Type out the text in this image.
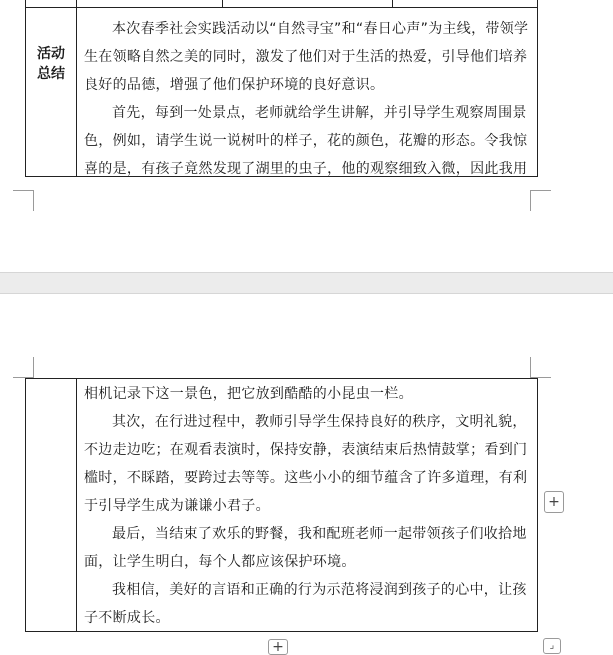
活动
总结

本次春季社会实践活动以“自然寻宝”和“春日心声”为主线，带领学生在领略自然之美的同时，激发了他们对于生活的热爱，引导他们培养良好的品德，增强了他们保护环境的良好意识。

首先，每到一处景点，老师就给学生讲解，并引导学生观察周围景色，例如，请学生说一说树叶的样子，花的颜色，花瓣的形态。令我惊喜的是，有孩子竟然发现了湖里的虫子，他的观察细致入微，因此我用

相机记录下这一景色，把它放到酷酷的小昆虫一栏。

其次，在行进过程中，教师引导学生保持良好的秩序，文明礼貌，不边走边吃；在观看表演时，保持安静，表演结束后热情鼓掌；看到门槛时，不睬踏，要跨过去等等。这些小小的细节蕴含了许多道理，有利于引导学生成为谦谦小君子。

最后，当结束了欢乐的野餐，我和配班老师一起带领孩子们收拾地面，让学生明白，每个人都应该保护环境。

我相信，美好的言语和正确的行为示范将浸润到孩子的心中，让孩子不断成长。

+
+	⌟
